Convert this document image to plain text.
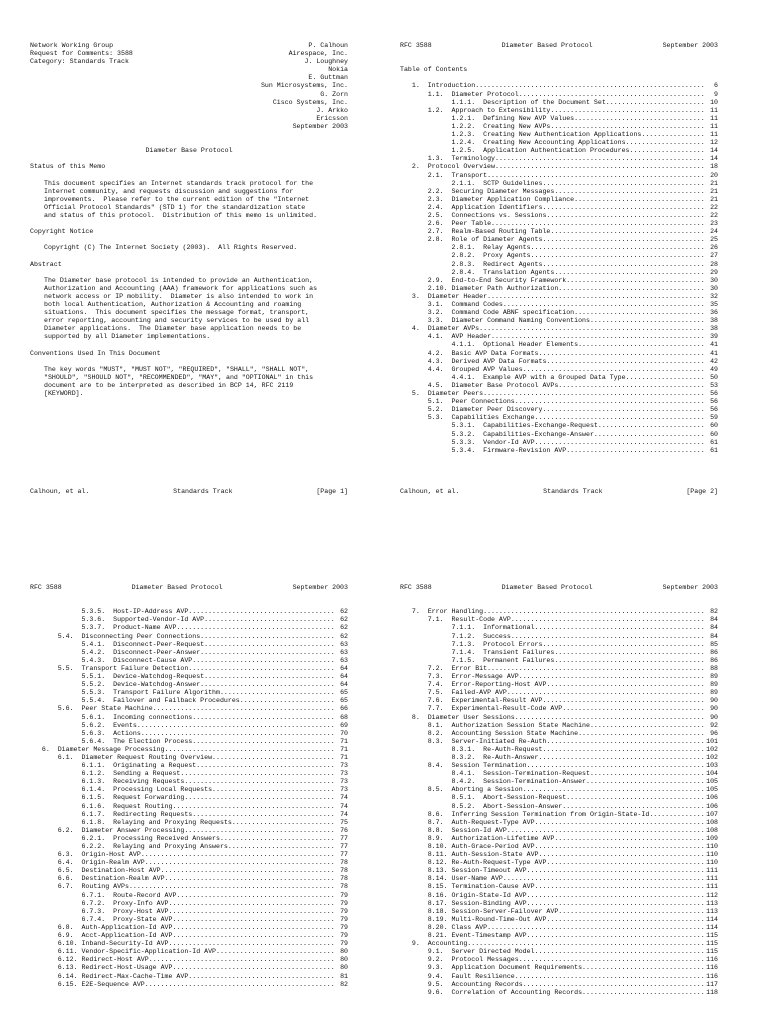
Network Working Group	P. Calhoun
Request for Comments: 3588	Airespace, Inc.
Category: Standards Track	J. Loughney
Nokia
E. Guttman
Sun Microsystems, Inc.
G. Zorn
Cisco Systems, Inc.
J. Arkko
Ericsson
September 2003
Diameter Base Protocol
Status of this Memo
This document specifies an Internet standards track protocol for the
Internet community, and requests discussion and suggestions for
improvements.  Please refer to the current edition of the "Internet
Official Protocol Standards" (STD 1) for the standardization state
and status of this protocol.  Distribution of this memo is unlimited.
Copyright Notice
Copyright (C) The Internet Society (2003).  All Rights Reserved.
Abstract
The Diameter base protocol is intended to provide an Authentication,
Authorization and Accounting (AAA) framework for applications such as
network access or IP mobility.  Diameter is also intended to work in
both local Authentication, Authorization & Accounting and roaming
situations.  This document specifies the message format, transport,
error reporting, accounting and security services to be used by all
Diameter applications.  The Diameter base application needs to be
supported by all Diameter implementations.
Conventions Used In This Document
The key words "MUST", "MUST NOT", "REQUIRED", "SHALL", "SHALL NOT",
"SHOULD", "SHOULD NOT", "RECOMMENDED", "MAY", and "OPTIONAL" in this
document are to be interpreted as described in BCP 14, RFC 2119
[KEYWORD].
Calhoun, et al.	Standards Track	[Page 1]
RFC 3588	Diameter Based Protocol	September 2003
Table of Contents
1. Introduction .....	6
1.1. Diameter Protocol .....	9
1.1.1. Description of the Document Set .....	10
1.2. Approach to Extensibility .....	11
1.2.1. Defining New AVP Values .....	11
1.2.2. Creating New AVPs .....	11
1.2.3. Creating New Authentication Applications .....	11
1.2.4. Creating New Accounting Applications .....	12
1.2.5. Application Authentication Procedures .....	14
1.3. Terminology .....	14
2. Protocol Overview .....	18
2.1. Transport .....	20
2.1.1. SCTP Guidelines .....	21
2.2. Securing Diameter Messages .....	21
2.3. Diameter Application Compliance .....	21
2.4. Application Identifiers .....	22
2.5. Connections vs. Sessions .....	22
2.6. Peer Table .....	23
2.7. Realm-Based Routing Table .....	24
2.8. Role of Diameter Agents .....	25
2.8.1. Relay Agents .....	26
2.8.2. Proxy Agents .....	27
2.8.3. Redirect Agents .....	28
2.8.4. Translation Agents .....	29
2.9. End-to-End Security Framework .....	30
2.10. Diameter Path Authorization .....	30
3. Diameter Header .....	32
3.1. Command Codes .....	35
3.2. Command Code ABNF specification .....	36
3.3. Diameter Command Naming Conventions .....	38
4. Diameter AVPs .....	38
4.1. AVP Header .....	39
4.1.1. Optional Header Elements .....	41
4.2. Basic AVP Data Formats .....	41
4.3. Derived AVP Data Formats .....	42
4.4. Grouped AVP Values .....	49
4.4.1. Example AVP with a Grouped Data Type .....	50
4.5. Diameter Base Protocol AVPs .....	53
5. Diameter Peers .....	56
5.1. Peer Connections .....	56
5.2. Diameter Peer Discovery .....	56
5.3. Capabilities Exchange .....	59
5.3.1. Capabilities-Exchange-Request .....	60
5.3.2. Capabilities-Exchange-Answer .....	60
5.3.3. Vendor-Id AVP .....	61
5.3.4. Firmware-Revision AVP .....	61
Calhoun, et al.	Standards Track	[Page 2]
RFC 3588	Diameter Based Protocol	September 2003
5.3.5. Host-IP-Address AVP .....	62
5.3.6. Supported-Vendor-Id AVP .....	62
5.3.7. Product-Name AVP .....	62
5.4. Disconnecting Peer Connections .....	62
5.4.1. Disconnect-Peer-Request .....	63
5.4.2. Disconnect-Peer-Answer .....	63
5.4.3. Disconnect-Cause AVP .....	63
5.5. Transport Failure Detection .....	64
5.5.1. Device-Watchdog-Request .....	64
5.5.2. Device-Watchdog-Answer .....	64
5.5.3. Transport Failure Algorithm .....	65
5.5.4. Failover and Failback Procedures .....	65
5.6. Peer State Machine .....	66
5.6.1. Incoming connections .....	68
5.6.2. Events .....	69
5.6.3. Actions .....	70
5.6.4. The Election Process .....	71
6. Diameter Message Processing .....	71
6.1. Diameter Request Routing Overview .....	71
6.1.1. Originating a Request .....	73
6.1.2. Sending a Request .....	73
6.1.3. Receiving Requests .....	73
6.1.4. Processing Local Requests .....	73
6.1.5. Request Forwarding .....	74
6.1.6. Request Routing .....	74
6.1.7. Redirecting Requests .....	74
6.1.8. Relaying and Proxying Requests .....	75
6.2. Diameter Answer Processing .....	76
6.2.1. Processing Received Answers .....	77
6.2.2. Relaying and Proxying Answers .....	77
6.3. Origin-Host AVP .....	77
6.4. Origin-Realm AVP .....	78
6.5. Destination-Host AVP .....	78
6.6. Destination-Realm AVP .....	78
6.7. Routing AVPs .....	78
6.7.1. Route-Record AVP .....	79
6.7.2. Proxy-Info AVP .....	79
6.7.3. Proxy-Host AVP .....	79
6.7.4. Proxy-State AVP .....	79
6.8. Auth-Application-Id AVP .....	79
6.9. Acct-Application-Id AVP .....	79
6.10. Inband-Security-Id AVP .....	79
6.11. Vendor-Specific-Application-Id AVP .....	80
6.12. Redirect-Host AVP .....	80
6.13. Redirect-Host-Usage AVP .....	80
6.14. Redirect-Max-Cache-Time AVP .....	81
6.15. E2E-Sequence AVP .....	82
RFC 3588	Diameter Based Protocol	September 2003
7. Error Handling .....	82
7.1. Result-Code AVP .....	84
7.1.1. Informational .....	84
7.1.2. Success .....	84
7.1.3. Protocol Errors .....	85
7.1.4. Transient Failures .....	86
7.1.5. Permanent Failures .....	86
7.2. Error Bit .....	88
7.3. Error-Message AVP .....	89
7.4. Error-Reporting-Host AVP .....	89
7.5. Failed-AVP AVP .....	89
7.6. Experimental-Result AVP .....	90
7.7. Experimental-Result-Code AVP .....	90
8. Diameter User Sessions .....	90
8.1. Authorization Session State Machine .....	92
8.2. Accounting Session State Machine .....	96
8.3. Server-Initiated Re-Auth .....	101
8.3.1. Re-Auth-Request .....	102
8.3.2. Re-Auth-Answer .....	102
8.4. Session Termination .....	103
8.4.1. Session-Termination-Request .....	104
8.4.2. Session-Termination-Answer .....	105
8.5. Aborting a Session .....	105
8.5.1. Abort-Session-Request .....	106
8.5.2. Abort-Session-Answer .....	106
8.6. Inferring Session Termination from Origin-State-Id .....	107
8.7. Auth-Request-Type AVP .....	108
8.8. Session-Id AVP .....	108
8.9. Authorization-Lifetime AVP .....	109
8.10. Auth-Grace-Period AVP .....	110
8.11. Auth-Session-State AVP .....	110
8.12. Re-Auth-Request-Type AVP .....	110
8.13. Session-Timeout AVP .....	111
8.14. User-Name AVP .....	111
8.15. Termination-Cause AVP .....	111
8.16. Origin-State-Id AVP .....	112
8.17. Session-Binding AVP .....	113
8.18. Session-Server-Failover AVP .....	113
8.19. Multi-Round-Time-Out AVP .....	114
8.20. Class AVP .....	114
8.21. Event-Timestamp AVP .....	115
9. Accounting .....	115
9.1. Server Directed Model .....	115
9.2. Protocol Messages .....	116
9.3. Application Document Requirements .....	116
9.4. Fault Resilience .....	116
9.5. Accounting Records .....	117
9.6. Correlation of Accounting Records .....	118
